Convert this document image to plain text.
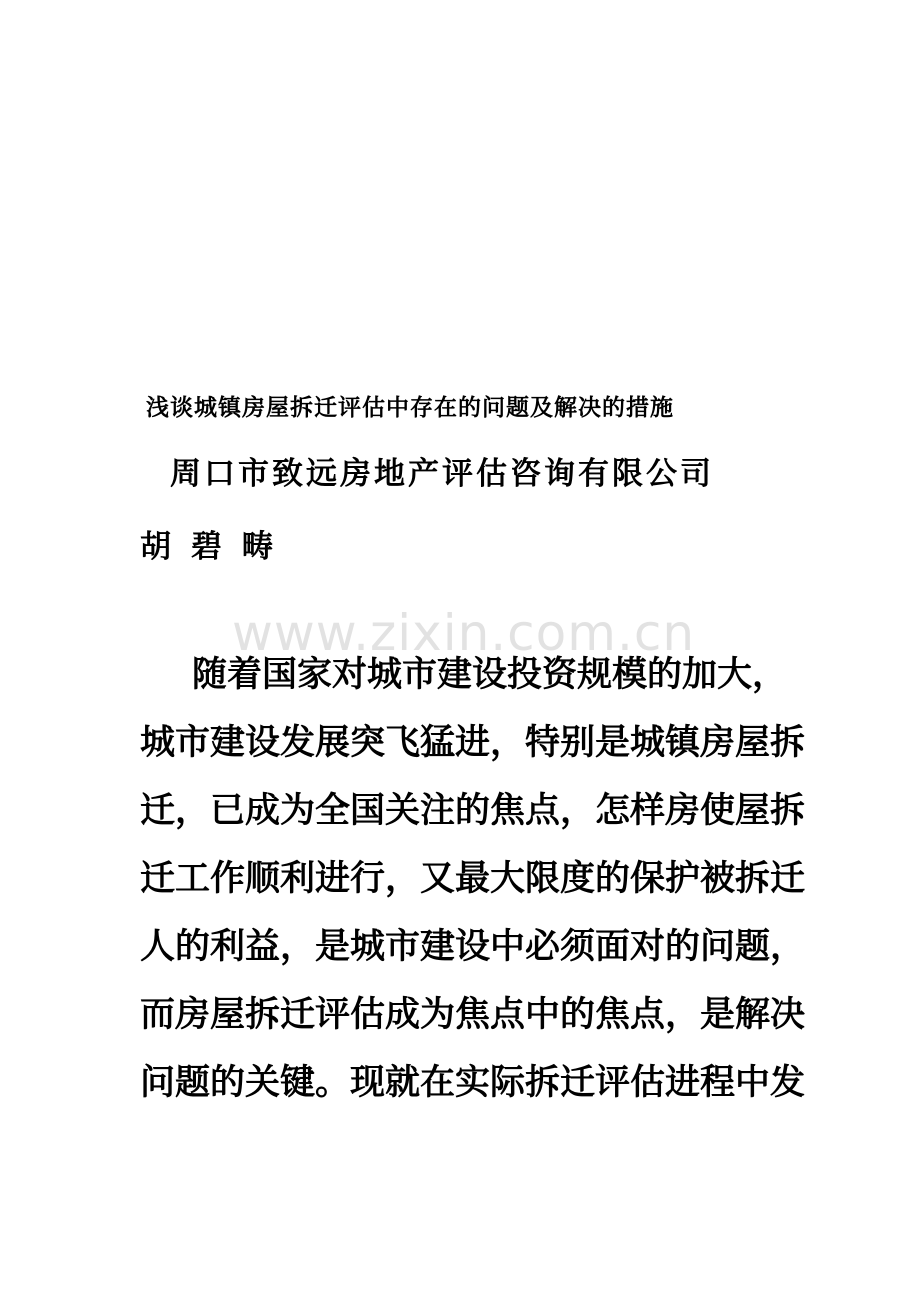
www.zixin.com.cn
浅谈城镇房屋拆迁评估中存在的问题及解决的措施
周口市致远房地产评估咨询有限公司
胡 碧 畴
随着国家对城市建设投资规模的加大，
城市建设发展突飞猛进，特别是城镇房屋拆
迁，已成为全国关注的焦点，怎样房使屋拆
迁工作顺利进行，又最大限度的保护被拆迁
人的利益，是城市建设中必须面对的问题，
而房屋拆迁评估成为焦点中的焦点，是解决
问题的关键。现就在实际拆迁评估进程中发
